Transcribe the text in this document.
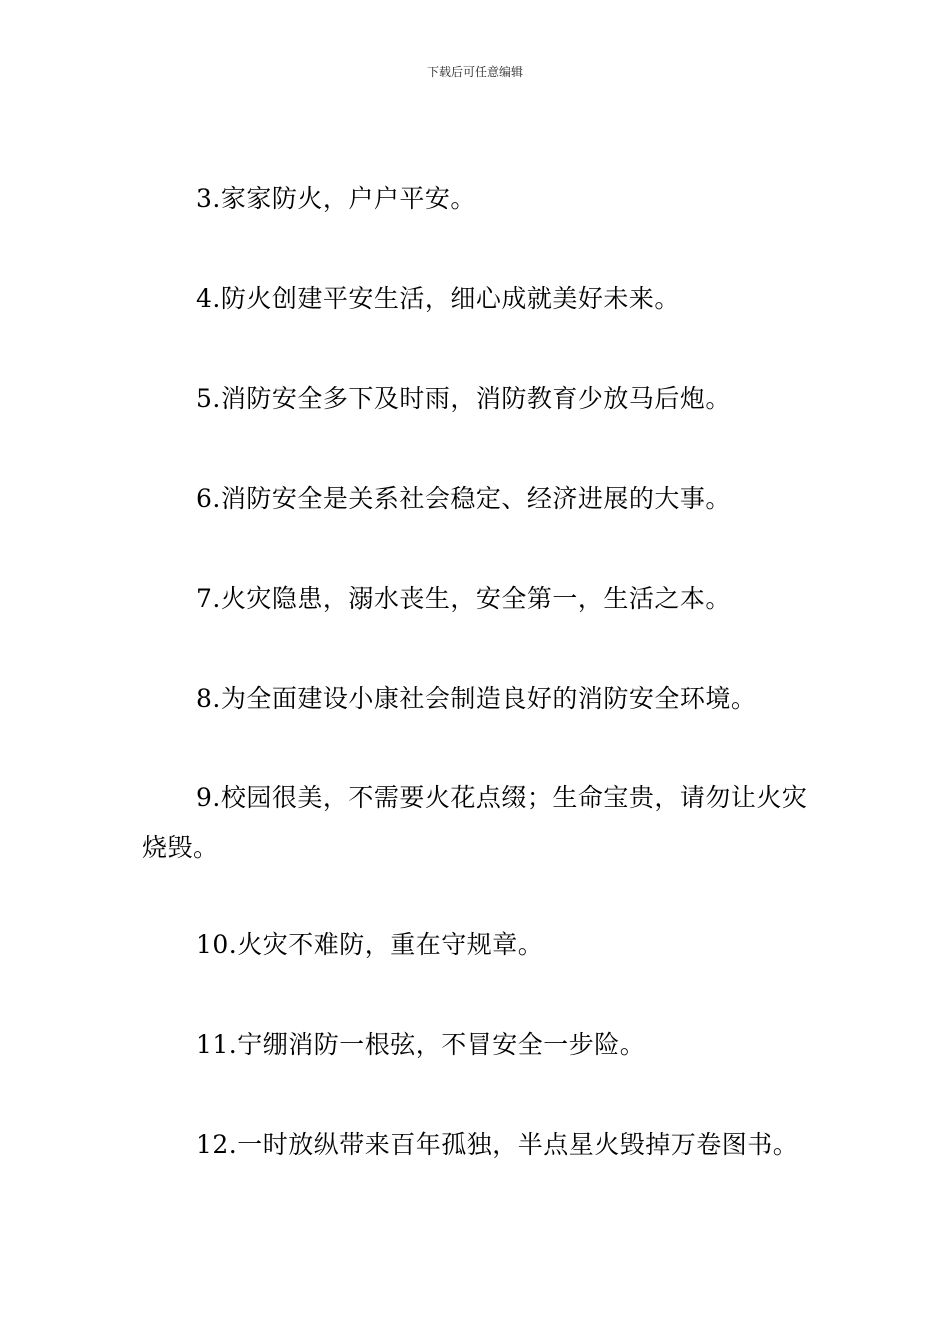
下载后可任意编辑

3.家家防火，户户平安。

4.防火创建平安生活，细心成就美好未来。

5.消防安全多下及时雨，消防教育少放马后炮。

6.消防安全是关系社会稳定、经济进展的大事。

7.火灾隐患，溺水丧生，安全第一，生活之本。

8.为全面建设小康社会制造良好的消防安全环境。

9.校园很美，不需要火花点缀；生命宝贵，请勿让火灾烧毁。

10.火灾不难防，重在守规章。

11.宁绷消防一根弦，不冒安全一步险。

12.一时放纵带来百年孤独，半点星火毁掉万卷图书。
